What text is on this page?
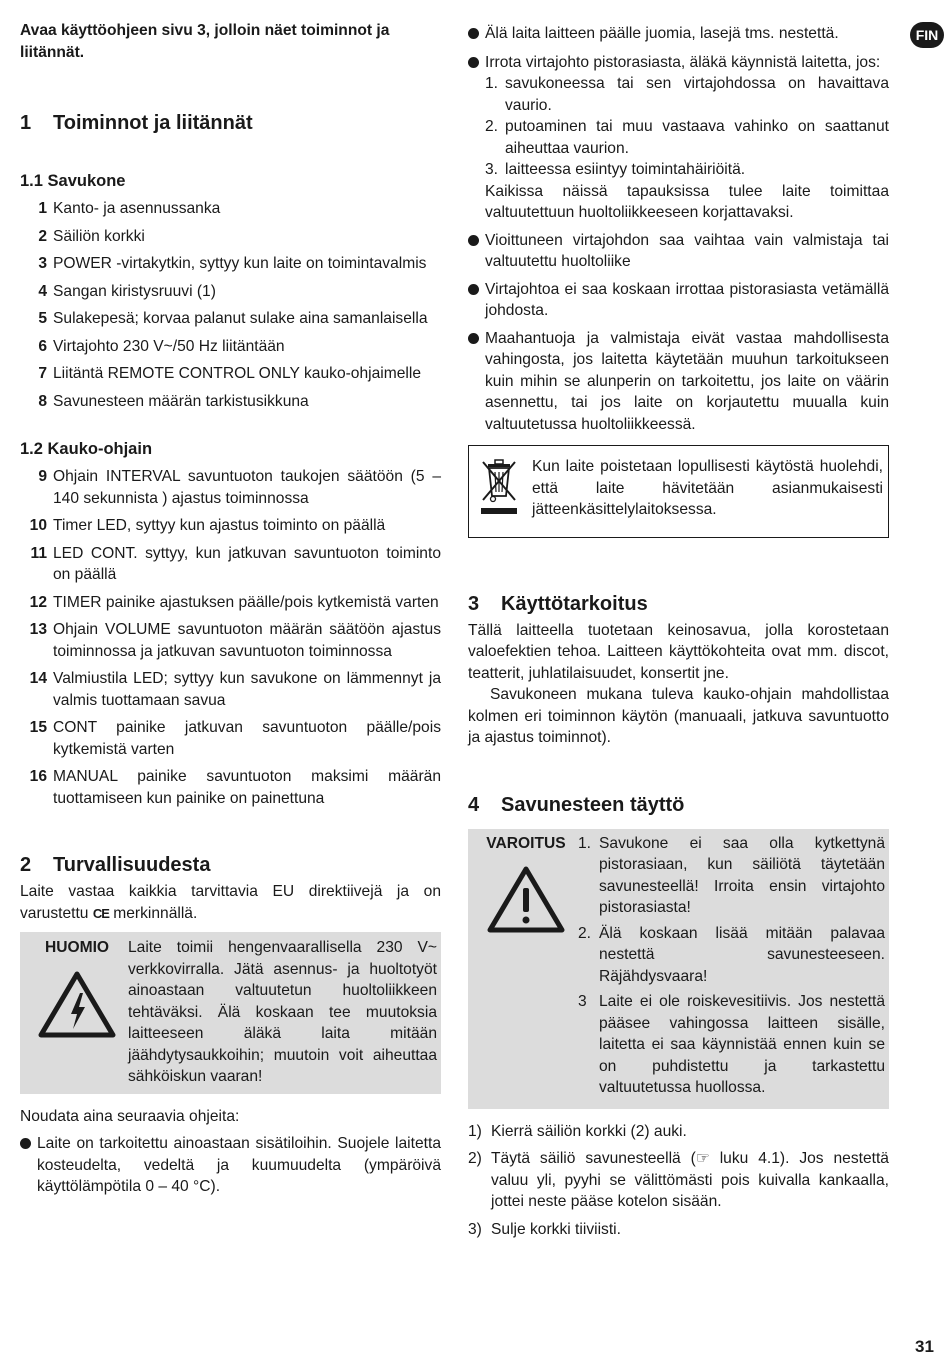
FIN

Avaa käyttöohjeen sivu 3, jolloin näet toiminnot ja liitännät.

1 Toiminnot ja liitännät
1.1 Savukone
1 Kanto- ja asennussanka
2 Säiliön korkki
3 POWER -virtakytkin, syttyy kun laite on toimintavalmis
4 Sangan kiristysruuvi (1)
5 Sulakepesä; korvaa palanut sulake aina samanlaisella
6 Virtajohto 230 V~/50 Hz liitäntään
7 Liitäntä REMOTE CONTROL ONLY kauko-ohjaimelle
8 Savunesteen määrän tarkistusikkuna
1.2 Kauko-ohjain
9 Ohjain INTERVAL savuntuoton taukojen säätöön (5 – 140 sekunnista ) ajastus toiminnossa
10 Timer LED, syttyy kun ajastus toiminto on päällä
11 LED CONT. syttyy, kun jatkuvan savuntuoton toiminto on päällä
12 TIMER painike ajastuksen päälle/pois kytkemistä varten
13 Ohjain VOLUME savuntuoton määrän säätöön ajastus toiminnossa ja jatkuvan savuntuoton toiminnossa
14 Valmiustila LED; syttyy kun savukone on lämmennyt ja valmis tuottamaan savua
15 CONT painike jatkuvan savuntuoton päälle/pois kytkemistä varten
16 MANUAL painike savuntuoton maksimi määrän tuottamiseen kun painike on painettuna
2 Turvallisuudesta

Laite vastaa kaikkia tarvittavia EU direktiivejä ja on varustettu CE merkinnällä.

HUOMIO Laite toimii hengenvaarallisella 230 V~ verkkovirralla. Jätä asennus- ja huoltotyöt ainoastaan valtuutetun huoltoliikkeen tehtäväksi. Älä koskaan tee muutoksia laitteeseen äläkä laita mitään jäähdytysaukkoihin; muutoin voit aiheuttaa sähköiskun vaaran!

Noudata aina seuraavia ohjeita:

Laite on tarkoitettu ainoastaan sisätiloihin. Suojele laitetta kosteudelta, vedeltä ja kuumuudelta (ympäröivä käyttölämpötila 0 – 40 °C).
Älä laita laitteen päälle juomia, lasejä tms. nestettä.
Irrota virtajohto pistorasiasta, äläkä käynnistä laitetta, jos:
1. savukoneessa tai sen virtajohdossa on havaittava vaurio.
2. putoaminen tai muu vastaava vahinko on saattanut aiheuttaa vaurion.
3. laitteessa esiintyy toimintahäiriöitä.
Kaikissa näissä tapauksissa tulee laite toimittaa valtuutettuun huoltoliikkeeseen korjattavaksi.
Vioittuneen virtajohdon saa vaihtaa vain valmistaja tai valtuutettu huoltoliike
Virtajohtoa ei saa koskaan irrottaa pistorasiasta vetämällä johdosta.
Maahantuoja ja valmistaja eivät vastaa mahdollisesta vahingosta, jos laitetta käytetään muuhun tarkoitukseen kuin mihin se alunperin on tarkoitettu, jos laite on väärin asennettu, tai jos laite on korjautettu muualla kuin valtuutetussa huoltoliikkeessä.

Kun laite poistetaan lopullisesti käytöstä huolehdi, että laite hävitetään asianmukaisesti jätteenkäsittelylaitoksessa.

3 Käyttötarkoitus

Tällä laitteella tuotetaan keinosavua, jolla korostetaan valoefektien tehoa. Laitteen käyttökohteita ovat mm. discot, teatterit, juhlatilaisuudet, konsertit jne.

Savukoneen mukana tuleva kauko-ohjain mahdollistaa kolmen eri toiminnon käytön (manuaali, jatkuva savuntuotto ja ajastus toiminnot).

4 Savunesteen täyttö
VAROITUS 1. Savukone ei saa olla kytkettynä pistorasiaan, kun säiliötä täytetään savunesteellä! Irroita ensin virtajohto pistorasiasta!
2. Älä koskaan lisää mitään palavaa nestettä savunesteeseen. Räjähdysvaara!
3 Laite ei ole roiskevesitiivis. Jos nestettä pääsee vahingossa laitteen sisälle, laitetta ei saa käynnistää ennen kuin se on puhdistettu ja tarkastettu valtuutetussa huollossa.
1) Kierrä säiliön korkki (2) auki.
2) Täytä säiliö savunesteellä (☞ luku 4.1). Jos nestettä valuu yli, pyyhi se välittömästi pois kuivalla kankaalla, jottei neste pääse kotelon sisään.
3) Sulje korkki tiiviisti.
31
